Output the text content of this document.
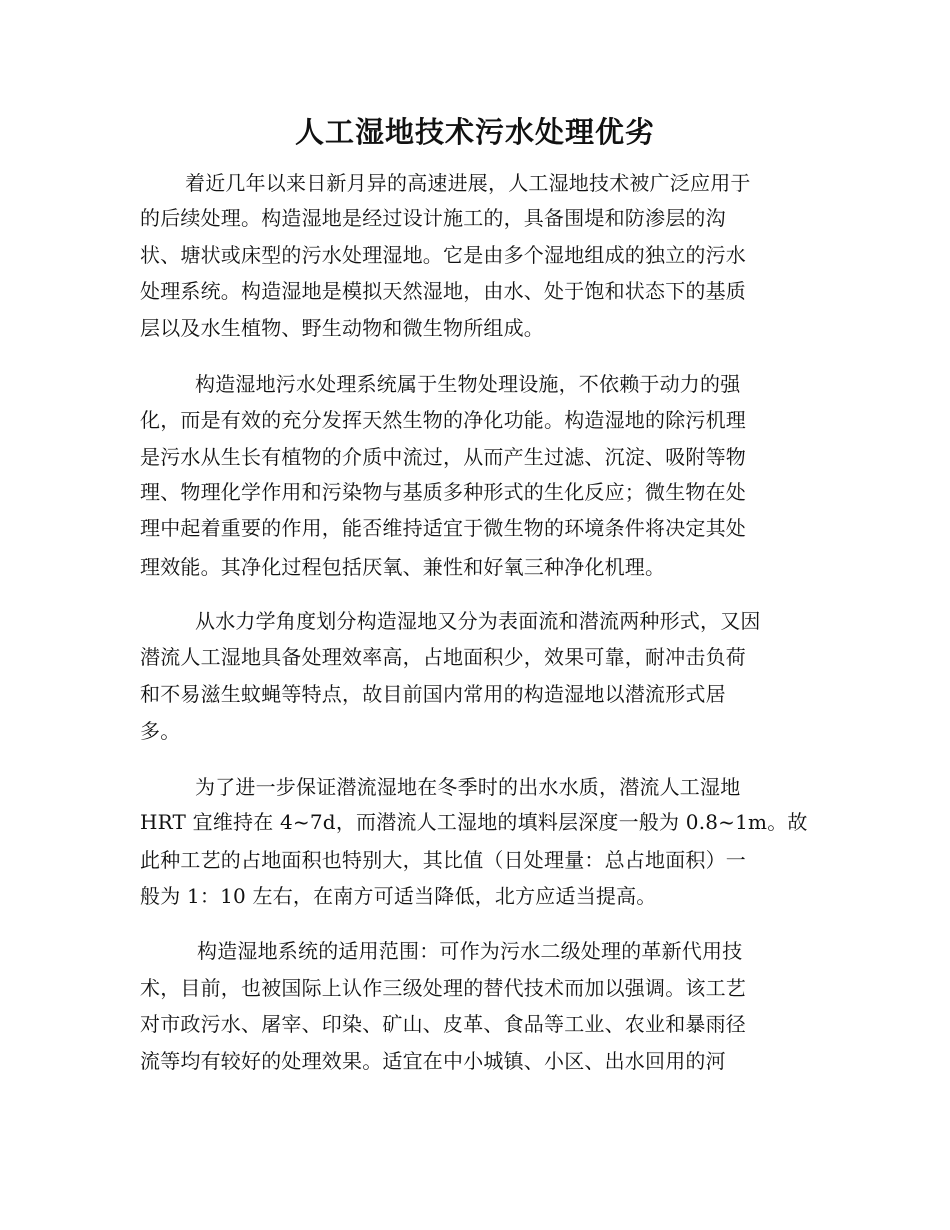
人工湿地技术污水处理优劣
着近几年以来日新月异的高速进展，人工湿地技术被广泛应用于
的后续处理。构造湿地是经过设计施工的，具备围堤和防渗层的沟
状、塘状或床型的污水处理湿地。它是由多个湿地组成的独立的污水
处理系统。构造湿地是模拟天然湿地，由水、处于饱和状态下的基质
层以及水生植物、野生动物和微生物所组成。
构造湿地污水处理系统属于生物处理设施，不依赖于动力的强
化，而是有效的充分发挥天然生物的净化功能。构造湿地的除污机理
是污水从生长有植物的介质中流过，从而产生过滤、沉淀、吸附等物
理、物理化学作用和污染物与基质多种形式的生化反应；微生物在处
理中起着重要的作用，能否维持适宜于微生物的环境条件将决定其处
理效能。其净化过程包括厌氧、兼性和好氧三种净化机理。
从水力学角度划分构造湿地又分为表面流和潜流两种形式，又因
潜流人工湿地具备处理效率高，占地面积少，效果可靠，耐冲击负荷
和不易滋生蚊蝇等特点，故目前国内常用的构造湿地以潜流形式居
多。
为了进一步保证潜流湿地在冬季时的出水水质，潜流人工湿地
HRT 宜维持在 4~7d，而潜流人工湿地的填料层深度一般为 0.8~1m。故
此种工艺的占地面积也特别大，其比值（日处理量：总占地面积）一
般为 1：10 左右，在南方可适当降低，北方应适当提高。
构造湿地系统的适用范围：可作为污水二级处理的革新代用技
术，目前，也被国际上认作三级处理的替代技术而加以强调。该工艺
对市政污水、屠宰、印染、矿山、皮革、食品等工业、农业和暴雨径
流等均有较好的处理效果。适宜在中小城镇、小区、出水回用的河
